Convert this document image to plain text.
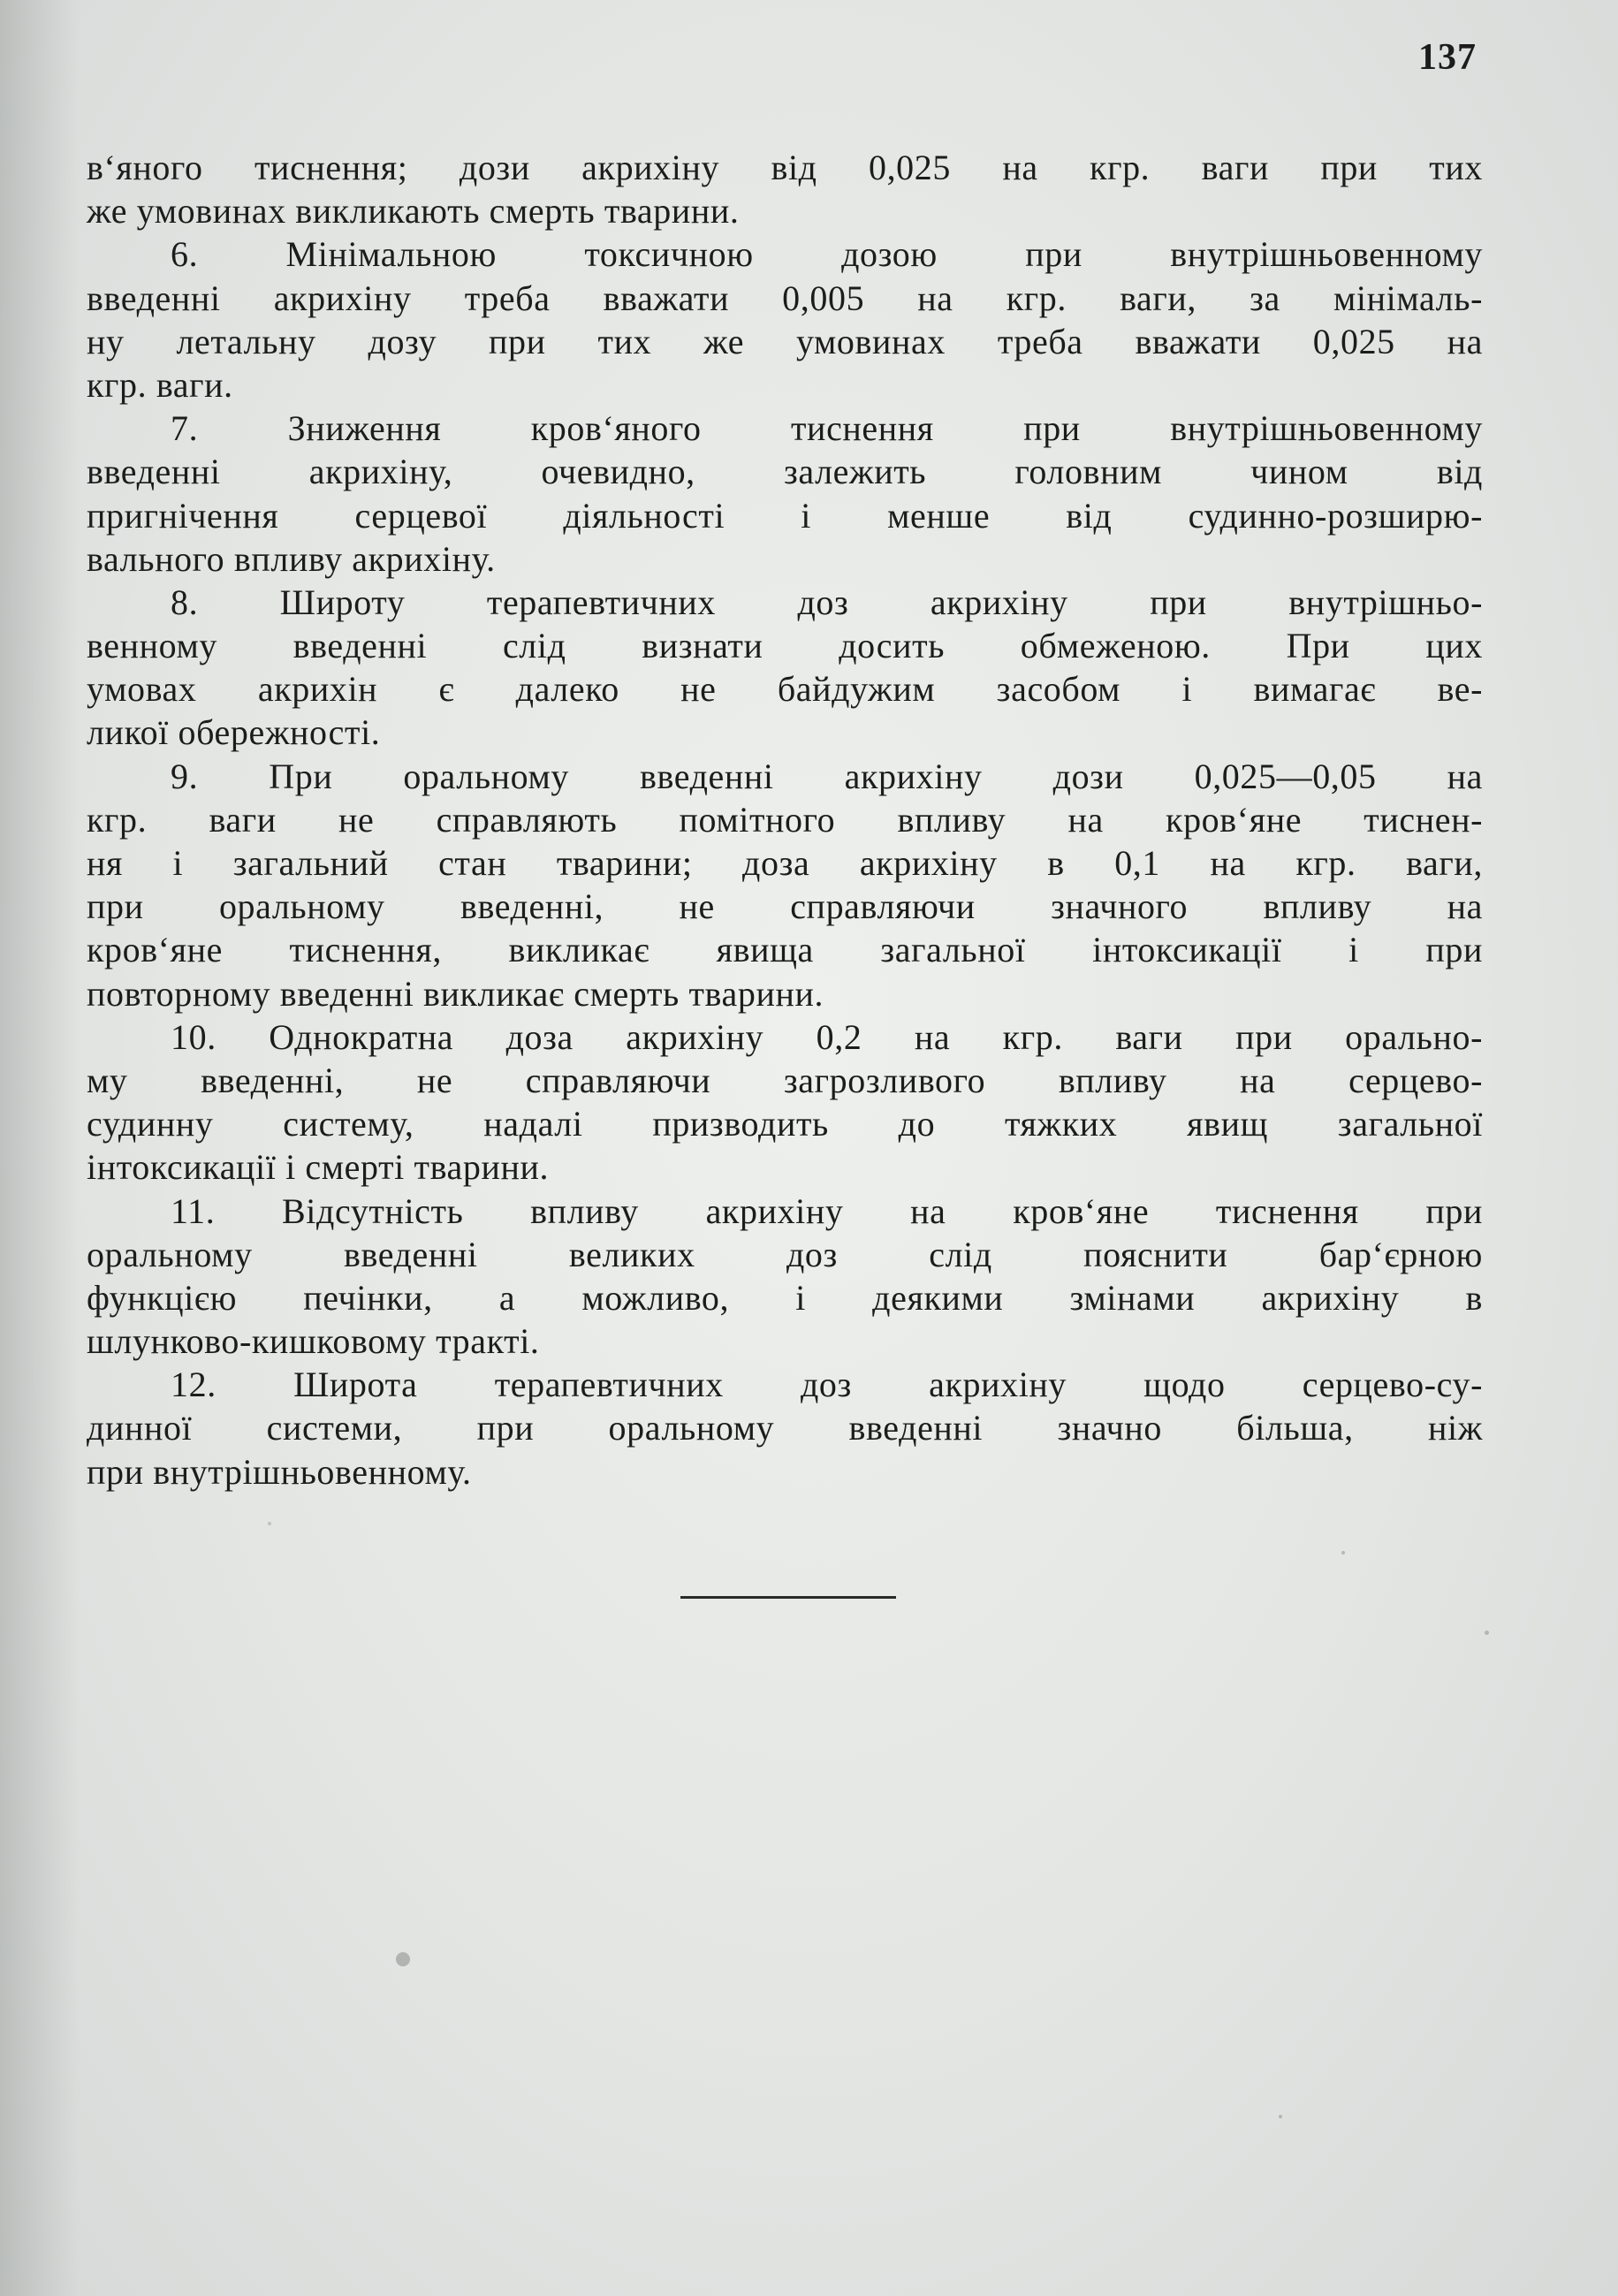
137
в‘яного тиснення; дози акрихіну від 0,025 на кгр. ваги при тих
же умовинах викликають смерть тварини.
6. Мінімальною токсичною дозою при внутрішньовенному
введенні акрихіну треба вважати 0,005 на кгр. ваги, за мінімаль-
ну летальну дозу при тих же умовинах треба вважати 0,025 на
кгр. ваги.
7. Зниження кров‘яного тиснення при внутрішньовенному
введенні акрихіну, очевидно, залежить головним чином від
пригнічення серцевої діяльності і менше від судинно-розширю-
вального впливу акрихіну.
8. Широту терапевтичних доз акрихіну при внутрішньо-
венному введенні слід визнати досить обмеженою. При цих
умовах акрихін є далеко не байдужим засобом і вимагає ве-
ликої обережності.
9. При оральному введенні акрихіну дози 0,025—0,05 на
кгр. ваги не справляють помітного впливу на кров‘яне тиснен-
ня і загальний стан тварини; доза акрихіну в 0,1 на кгр. ваги,
при оральному введенні, не справляючи значного впливу на
кров‘яне тиснення, викликає явища загальної інтоксикації і при
повторному введенні викликає смерть тварини.
10. Однократна доза акрихіну 0,2 на кгр. ваги при орально-
му введенні, не справляючи загрозливого впливу на серцево-
судинну систему, надалі призводить до тяжких явищ загальної
інтоксикації і смерті тварини.
11. Відсутність впливу акрихіну на кров‘яне тиснення при
оральному введенні великих доз слід пояснити бар‘єрною
функцією печінки, а можливо, і деякими змінами акрихіну в
шлунково-кишковому тракті.
12. Широта терапевтичних доз акрихіну щодо серцево-су-
динної системи, при оральному введенні значно більша, ніж
при внутрішньовенному.
